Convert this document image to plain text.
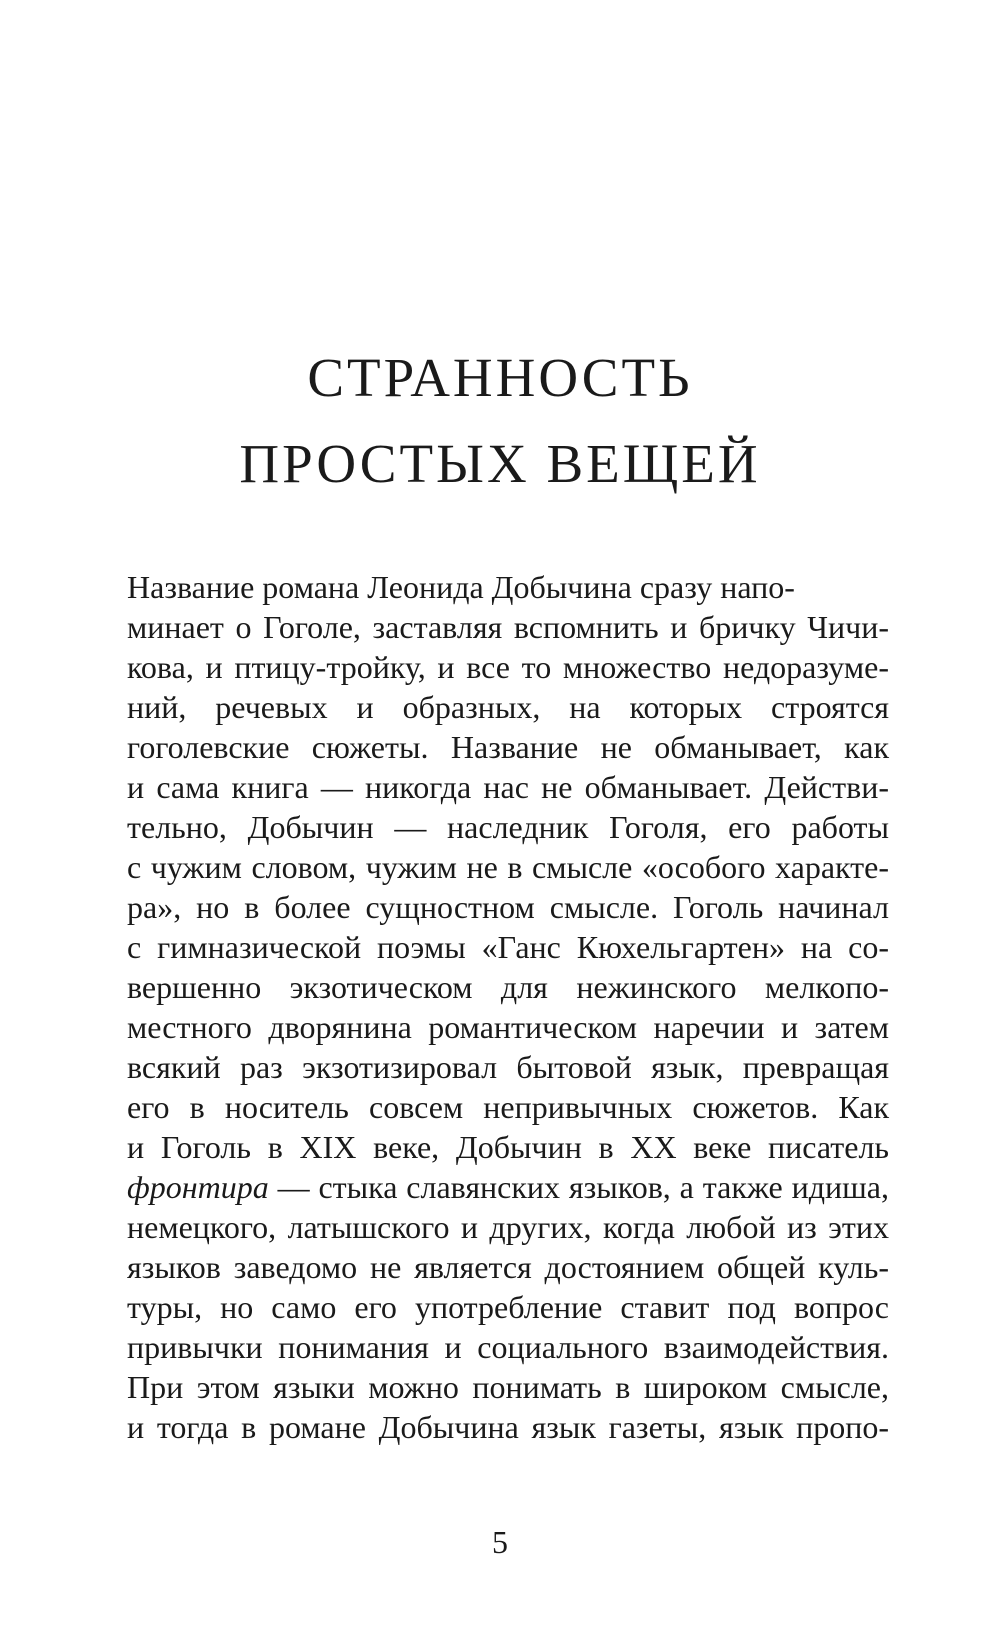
СТРАННОСТЬ
ПРОСТЫХ ВЕЩЕЙ
Название романа Леонида Добычина сразу напо-
минает о Гоголе, заставляя вспомнить и бричку Чичи-
кова, и птицу-тройку, и все то множество недоразуме-
ний, речевых и образных, на которых строятся
гоголевские сюжеты. Название не обманывает, как
и сама книга — никогда нас не обманывает. Действи-
тельно, Добычин — наследник Гоголя, его работы
с чужим словом, чужим не в смысле «особого характе-
ра», но в более сущностном смысле. Гоголь начинал
с гимназической поэмы «Ганс Кюхельгартен» на со-
вершенно экзотическом для нежинского мелкопо-
местного дворянина романтическом наречии и затем
всякий раз экзотизировал бытовой язык, превращая
его в носитель совсем непривычных сюжетов. Как
и Гоголь в XIX веке, Добычин в XX веке писатель
фронтира — стыка славянских языков, а также идиша,
немецкого, латышского и других, когда любой из этих
языков заведомо не является достоянием общей куль-
туры, но само его употребление ставит под вопрос
привычки понимания и социального взаимодействия.
При этом языки можно понимать в широком смысле,
и тогда в романе Добычина язык газеты, язык пропо-
5
